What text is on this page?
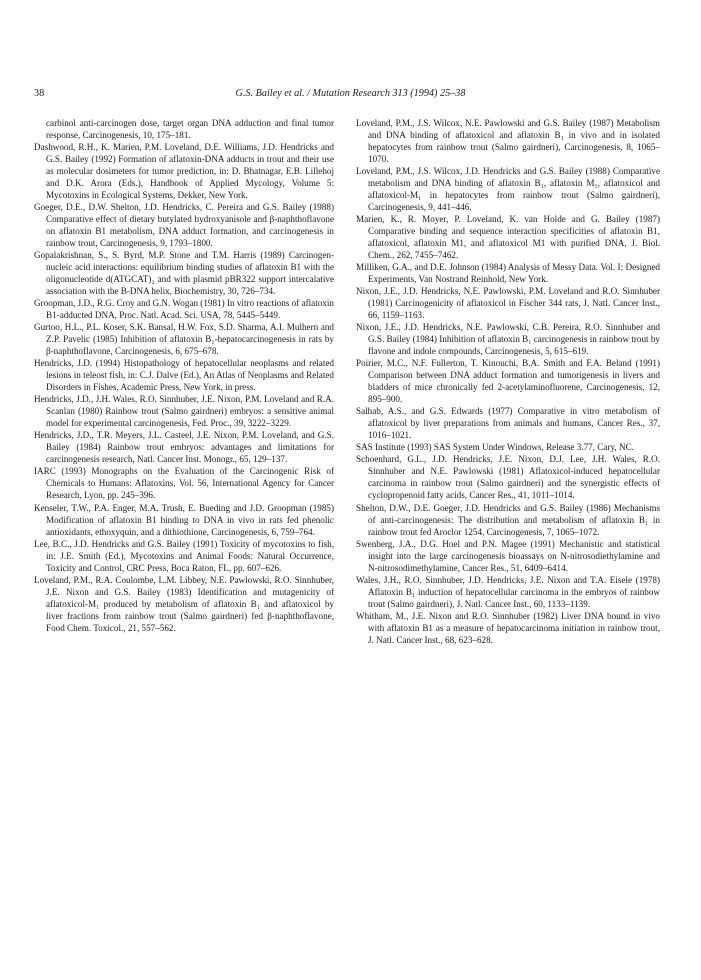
38	G.S. Bailey et al. / Mutation Research 313 (1994) 25–38

carbinol anti-carcinogen dose, target organ DNA adduction and final tumor response, Carcinogenesis, 10, 175–181.

Dashwood, R.H., K. Marien, P.M. Loveland, D.E. Williams, J.D. Hendricks and G.S. Bailey (1992) Formation of aflatoxin-DNA adducts in trout and their use as molecular dosimeters for tumor prediction, in: D. Bhatnagar, E.B. Lillehoj and D.K. Arora (Eds.), Handbook of Applied Mycology, Volume 5: Mycotoxins in Ecological Systems, Dekker, New York.

Goeger, D.E., D.W. Shelton, J.D. Hendricks, C. Pereira and G.S. Bailey (1988) Comparative effect of dietary butylated hydroxyanisole and β-naphthoflavone on aflatoxin B1 metabolism, DNA adduct formation, and carcinogenesis in rainbow trout, Carcinogenesis, 9, 1793–1800.

Gopalakrishnan, S., S. Byrd, M.P. Stone and T.M. Harris (1989) Carcinogen-nucleic acid interactions: equilibrium binding studies of aflatoxin B1 with the oligonucleotide d(ATGCAT)₂ and with plasmid pBR322 support intercalative association with the B-DNA helix, Biochemistry, 30, 726–734.

Groopman, J.D., R.G. Croy and G.N. Wogan (1981) In vitro reactions of aflatoxin B1-adducted DNA, Proc. Natl. Acad. Sci. USA, 78, 5445–5449.

Gurtoo, H.L., P.L. Koser, S.K. Bansal, H.W. Fox, S.D. Sharma, A.I. Mulhern and Z.P. Pavelic (1985) Inhibition of aflatoxin B₁-hepatocarcinogenesis in rats by β-naphthoflavone, Carcinogenesis, 6, 675–678.

Hendricks, J.D. (1994) Histopathology of hepatocellular neoplasms and related lesions in teleost fish, in: C.J. Dalve (Ed.), An Atlas of Neoplasms and Related Disorders in Fishes, Academic Press, New York, in press.

Hendricks, J.D., J.H. Wales, R.O. Sinnhuber, J.E. Nixon, P.M. Loveland and R.A. Scanlan (1980) Rainbow trout (Salmo gairdneri) embryos: a sensitive animal model for experimental carcinogenesis, Fed. Proc., 39, 3222–3229.

Hendricks, J.D., T.R. Meyers, J.L. Casteel, J.E. Nixon, P.M. Loveland, and G.S. Bailey (1984) Rainbow trout embryos: advantages and limitations for carcinogenesis research, Natl. Cancer Inst. Monogr., 65, 129–137.

IARC (1993) Monographs on the Evaluation of the Carcinogenic Risk of Chemicals to Humans: Aflatoxins, Vol. 56, International Agency for Cancer Research, Lyon, pp. 245–396.

Kenseler, T.W., P.A. Enger, M.A. Trush, E. Bueding and J.D. Groopman (1985) Modification of aflatoxin B1 binding to DNA in vivo in rats fed phenolic antioxidants, ethoxyquin, and a dithiothione, Carcinogenesis, 6, 759–764.

Lee, B.C., J.D. Hendricks and G.S. Bailey (1991) Toxicity of mycotoxins to fish, in: J.E. Smith (Ed.), Mycotoxins and Animal Foods: Natural Occurrence, Toxicity and Control, CRC Press, Boca Raton, FL, pp. 607–626.

Loveland, P.M., R.A. Coulombe, L.M. Libbey, N.E. Pawlowski, R.O. Sinnhuber, J.E. Nixon and G.S. Bailey (1983) Identification and mutagenicity of aflatoxicol-M₁ produced by metabolism of aflatoxin B₁ and aflatoxicol by liver fractions from rainbow trout (Salmo gairdneri) fed β-naphthoflavone, Food Chem. Toxicol., 21, 557–562.

Loveland, P.M., J.S. Wilcox, N.E. Pawlowski and G.S. Bailey (1987) Metabolism and DNA binding of aflatoxicol and aflatoxin B₁ in vivo and in isolated hepatocytes from rainbow trout (Salmo gairdneri), Carcinogenesis, 8, 1065–1070.

Loveland, P.M., J.S. Wilcox, J.D. Hendricks and G.S. Bailey (1988) Comparative metabolism and DNA binding of aflatoxin B₁, aflatoxin M₁, aflatoxicol and aflatoxicol-M₁ in hepatocytes from rainbow trout (Salmo gairdneri), Carcinogenesis, 9, 441–446.

Marien, K., R. Moyer, P. Loveland, K. van Holde and G. Bailey (1987) Comparative binding and sequence interaction specificities of aflatoxin B1, aflatoxicol, aflatoxin M1, and aflatoxicol M1 with purified DNA, J. Biol. Chem., 262, 7455–7462.

Milliken, G.A., and D.E. Johnson (1984) Analysis of Messy Data. Vol. I: Designed Experiments, Van Nostrand Reinhold, New York.

Nixon, J.E., J.D. Hendricks, N.E. Pawlowski, P.M. Loveland and R.O. Sinnhuber (1981) Carcinogenicity of aflatoxicol in Fischer 344 rats, J. Natl. Cancer Inst., 66, 1159–1163.

Nixon, J.E., J.D. Hendricks, N.E. Pawlowski, C.B. Pereira, R.O. Sinnhuber and G.S. Bailey (1984) Inhibition of aflatoxin B₁ carcinogenesis in rainbow trout by flavone and indole compounds, Carcinogenesis, 5, 615–619.

Poirier, M.C., N.F. Fullerton, T. Kinouchi, B.A. Smith and F.A. Beland (1991) Comparison between DNA adduct formation and tumorigenesis in livers and bladders of mice chronically fed 2-acetylaminofluorene, Carcinogenesis, 12, 895–900.

Salhab, A.S., and G.S. Edwards (1977) Comparative in vitro metabolism of aflatoxicol by liver preparations from animals and humans, Cancer Res., 37, 1016–1021.

SAS Institute (1993) SAS System Under Windows, Release 3.77, Cary, NC.

Schoenhard, G.L., J.D. Hendricks, J.E. Nixon, D.J. Lee, J.H. Wales, R.O. Sinnhuber and N.E. Pawlowski (1981) Aflatoxicol-induced hepatocellular carcinoma in rainbow trout (Salmo gairdneri) and the synergistic effects of cyclopropenoid fatty acids, Cancer Res., 41, 1011–1014.

Shelton, D.W., D.E. Goeger, J.D. Hendricks and G.S. Bailey (1986) Mechanisms of anti-carcinogenesis: The distribution and metabolism of aflatoxin B₁ in rainbow trout fed Aroclor 1254, Carcinogenesis, 7, 1065–1072.

Swenberg, J.A., D.G. Hoel and P.N. Magee (1991) Mechanistic and statistical insight into the large carcinogenesis bioassays on N-nitrosodiethylamine and N-nitrosodimethylamine, Cancer Res., 51, 6409–6414.

Wales, J.H., R.O. Sinnhuber, J.D. Hendricks, J.E. Nixon and T.A. Eisele (1978) Aflatoxin B₁ induction of hepatocellular carcinoma in the embryos of rainbow trout (Salmo gairdneri), J. Natl. Cancer Inst., 60, 1133–1139.

Whitham, M., J.E. Nixon and R.O. Sinnhuber (1982) Liver DNA bound in vivo with aflatoxin B1 as a measure of hepatocarcinoma initiation in rainbow trout, J. Natl. Cancer Inst., 68, 623–628.
